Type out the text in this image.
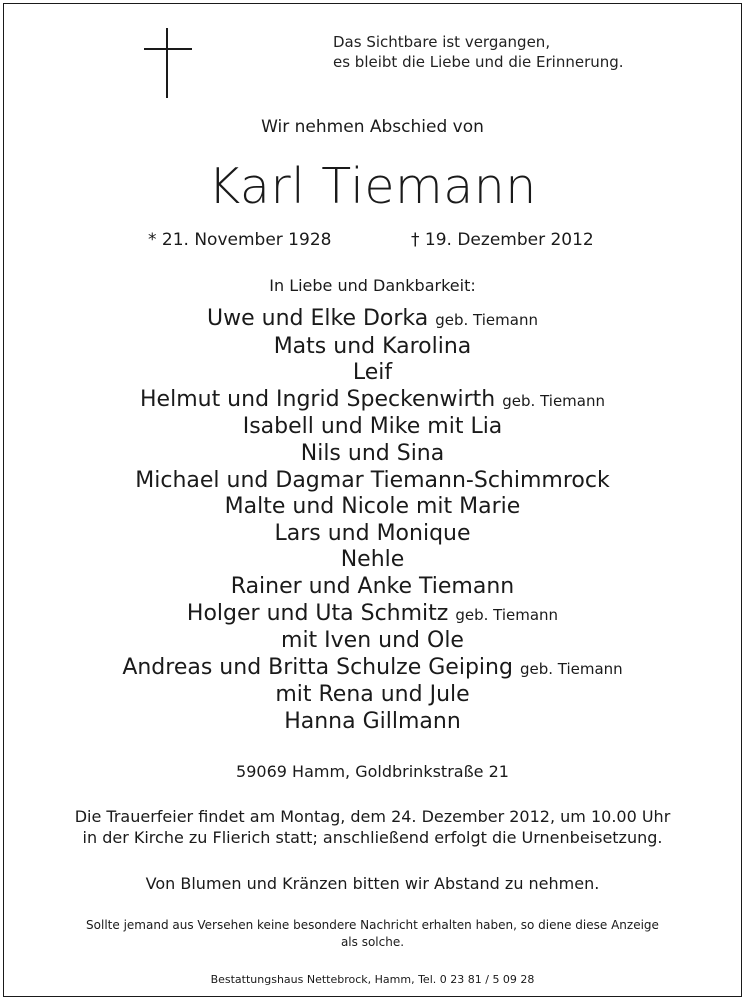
Das Sichtbare ist vergangen,
es bleibt die Liebe und die Erinnerung.
Wir nehmen Abschied von
Karl Tiemann
* 21. November 1928	† 19. Dezember 2012
In Liebe und Dankbarkeit:
Uwe und Elke Dorka geb. Tiemann
Mats und Karolina
Leif
Helmut und Ingrid Speckenwirth geb. Tiemann
Isabell und Mike mit Lia
Nils und Sina
Michael und Dagmar Tiemann-Schimmrock
Malte und Nicole mit Marie
Lars und Monique
Nehle
Rainer und Anke Tiemann
Holger und Uta Schmitz geb. Tiemann
mit Iven und Ole
Andreas und Britta Schulze Geiping geb. Tiemann
mit Rena und Jule
Hanna Gillmann
59069 Hamm, Goldbrinkstraße 21
Die Trauerfeier findet am Montag, dem 24. Dezember 2012, um 10.00 Uhr
in der Kirche zu Flierich statt; anschließend erfolgt die Urnenbeisetzung.
Von Blumen und Kränzen bitten wir Abstand zu nehmen.
Sollte jemand aus Versehen keine besondere Nachricht erhalten haben, so diene diese Anzeige
als solche.
Bestattungshaus Nettebrock, Hamm, Tel. 0 23 81 / 5 09 28
